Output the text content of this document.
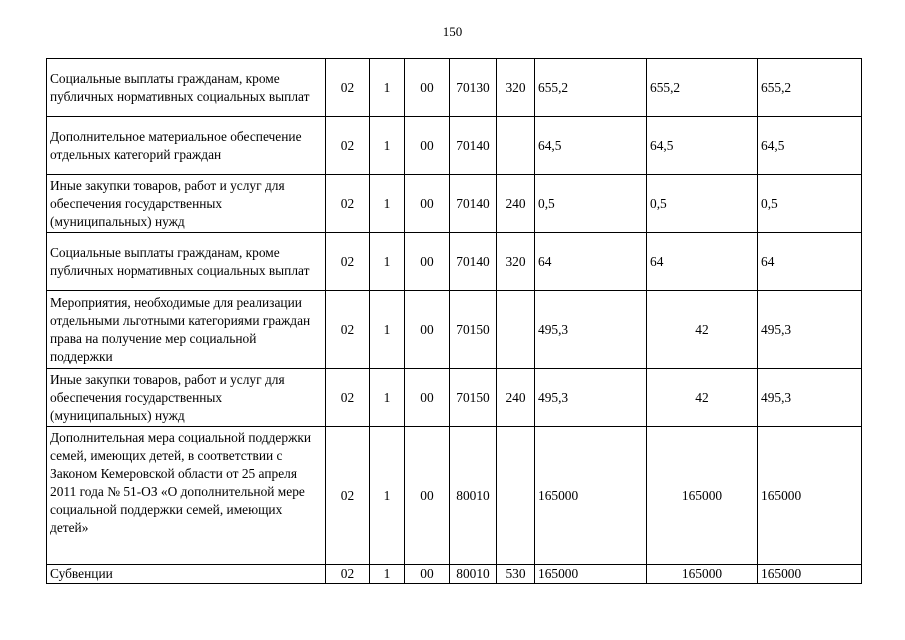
150
Социальные выплаты гражданам, кроме публичных нормативных социальных выплат	02	1	00	70130	320	655,2	655,2	655,2
Дополнительное материальное обеспечение отдельных категорий граждан	02	1	00	70140		64,5	64,5	64,5
Иные закупки товаров, работ и услуг для обеспечения государственных (муниципальных) нужд	02	1	00	70140	240	0,5	0,5	0,5
Социальные выплаты гражданам, кроме публичных нормативных социальных выплат	02	1	00	70140	320	64	64	64
Мероприятия, необходимые для реализации отдельными льготными категориями граждан права на получение мер социальной поддержки	02	1	00	70150		495,3	42	495,3
Иные закупки товаров, работ и услуг для обеспечения государственных (муниципальных) нужд	02	1	00	70150	240	495,3	42	495,3
Дополнительная мера социальной поддержки семей, имеющих детей, в соответствии с Законом Кемеровской области от 25 апреля 2011 года № 51-ОЗ «О дополнительной мере социальной поддержки семей, имеющих детей»	02	1	00	80010		165000	165000	165000
Субвенции	02	1	00	80010	530	165000	165000	165000
